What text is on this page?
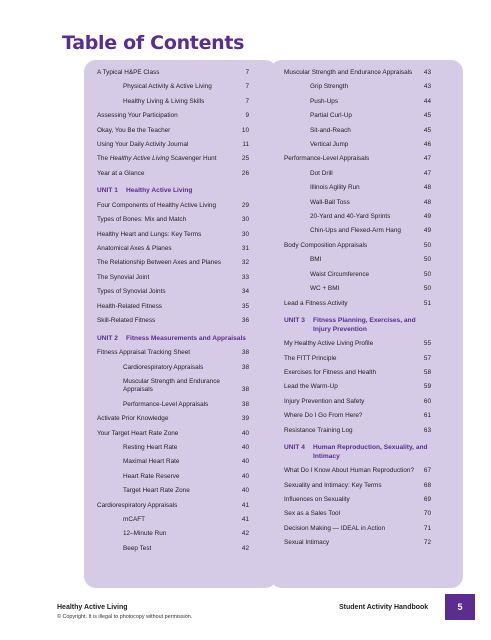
Table of Contents
A Typical H&PE Class	7
Physical Activity & Active Living	7
Healthy Living & Living Skills	7
Assessing Your Participation	9
Okay, You Be the Teacher	10
Using Your Daily Activity Journal	11
The Healthy Active Living Scavenger Hunt	25
Year at a Glance	26
UNIT 1	Healthy Active Living
Four Components of Healthy Active Living	29
Types of Bones: Mix and Match	30
Healthy Heart and Lungs: Key Terms	30
Anatomical Axes & Planes	31
The Relationship Between Axes and Planes	32
The Synovial Joint	33
Types of Synovial Joints	34
Health-Related Fitness	35
Skill-Related Fitness	36
UNIT 2	Fitness Measurements and Appraisals
Fitness Appraisal Tracking Sheet	38
Cardiorespiratory Appraisals	38
Muscular Strength and Endurance Appraisals	38
Performance-Level Appraisals	38
Activate Prior Knowledge	39
Your Target Heart Rate Zone	40
Resting Heart Rate	40
Maximal Heart Rate	40
Heart Rate Reserve	40
Target Heart Rate Zone	40
Cardiorespiratory Appraisals	41
mCAFT	41
12–Minute Run	42
Beep Test	42
Muscular Strength and Endurance Appraisals	43
Grip Strength	43
Push-Ups	44
Partial Curl-Up	45
Sit-and-Reach	45
Vertical Jump	46
Performance-Level Appraisals	47
Dot Drill	47
Illinois Agility Run	48
Wall-Ball Toss	48
20-Yard and 40-Yard Sprints	49
Chin-Ups and Flexed-Arm Hang	49
Body Composition Appraisals	50
BMI	50
Waist Circumference	50
WC + BMI	50
Lead a Fitness Activity	51
UNIT 3	Fitness Planning, Exercises, and Injury Prevention
My Healthy Active Living Profile	55
The FITT Principle	57
Exercises for Fitness and Health	58
Lead the Warm-Up	59
Injury Prevention and Safety	60
Where Do I Go From Here?	61
Resistance Training Log	63
UNIT 4	Human Reproduction, Sexuality, and Intimacy
What Do I Know About Human Reproduction?	67
Sexuality and Intimacy: Key Terms	68
Influences on Sexuality	69
Sex as a Sales Tool	70
Decision Making — IDEAL in Action	71
Sexual Intimacy	72
Healthy Active Living
© Copyright. It is illegal to photocopy without permission.
Student Activity Handbook	5
